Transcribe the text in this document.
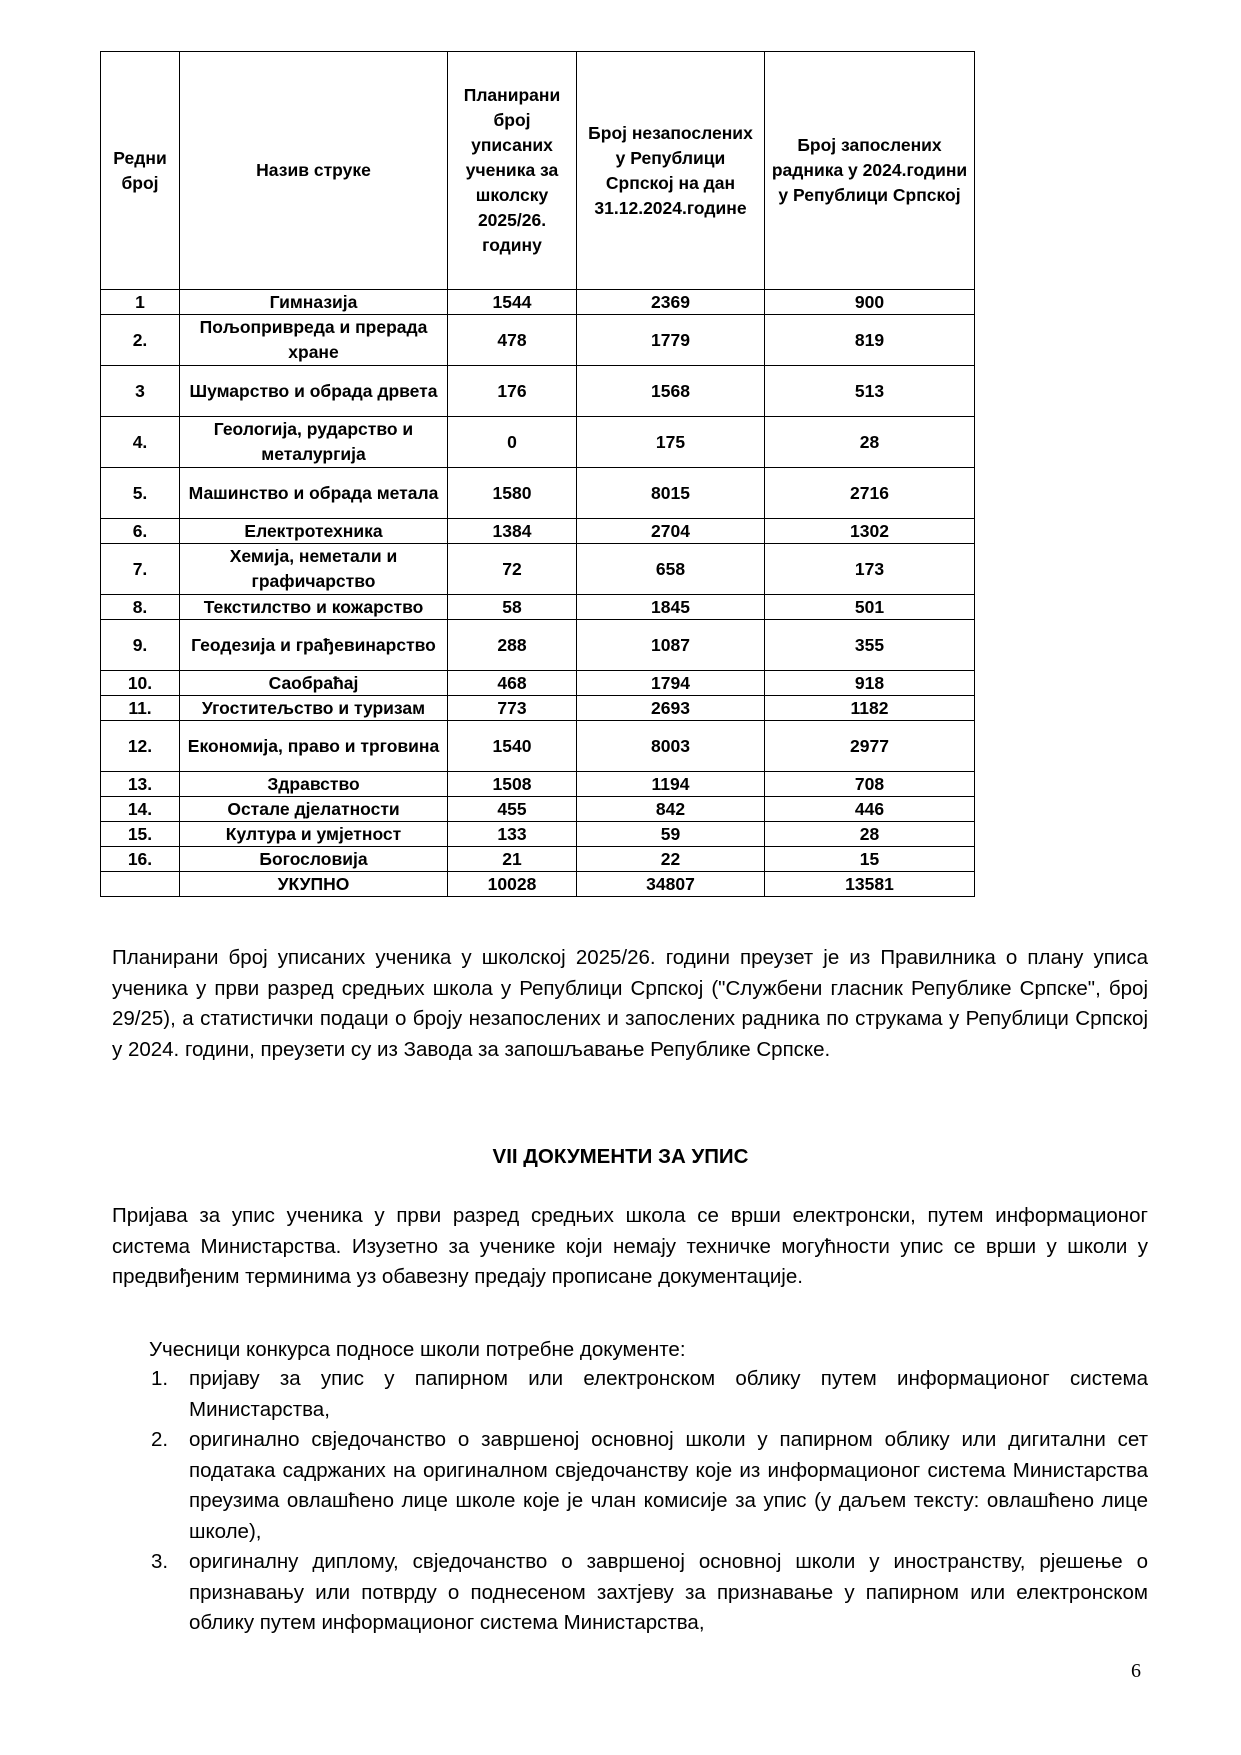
Редни број	Назив струке	Планирани број уписаних ученика за школску 2025/26. годину	Број незапослених у Републици Српској на дан 31.12.2024.године	Број запослених радника у 2024.години у Републици Српској
1	Гимназија	1544	2369	900
2.	Пољопривреда и прерада хране	478	1779	819
3	Шумарство и обрада дрвета	176	1568	513
4.	Геологија, рударство и металургија	0	175	28
5.	Машинство и обрада метала	1580	8015	2716
6.	Електротехника	1384	2704	1302
7.	Хемија, неметали и графичарство	72	658	173
8.	Текстилство и кожарство	58	1845	501
9.	Геодезија и грађевинарство	288	1087	355
10.	Саобраћај	468	1794	918
11.	Угоститељство и туризам	773	2693	1182
12.	Економија, право и трговина	1540	8003	2977
13.	Здравство	1508	1194	708
14.	Остале дјелатности	455	842	446
15.	Култура и умјетност	133	59	28
16.	Богословија	21	22	15
	УКУПНО	10028	34807	13581
Планирани број уписаних ученика у школској 2025/26. години преузет је из Правилника о плану уписа ученика у први разред средњих школа у Републици Српској ("Службени гласник Републике Српске", број 29/25), а статистички подаци о броју незапослених и запослених радника по струкама у Републици Српској у 2024. години, преузети су из Завода за запошљавање Републике Српске.
VII ДОКУМЕНТИ ЗА УПИС
Пријава за упис ученика у први разред средњих школа се врши електронски, путем информационог система Министарства. Изузетно за ученике који немају техничке могућности упис се врши у школи у предвиђеним терминима уз обавезну предају прописане документације.
Учесници конкурса подносе школи потребне документе:
1. пријаву за упис у папирном или електронском облику путем информационог система Министарства,
2. оригинално свједочанство о завршеној основној школи у папирном облику или дигитални сет података садржаних на оригиналном свједочанству које из информационог система Министарства преузима овлашћено лице школе које је члан комисије за упис (у даљем тексту: овлашћено лице школе),
3. оригиналну диплому, свједочанство о завршеној основној школи у иностранству, рјешење о признавању или потврду о поднесеном захтјеву за признавање у папирном или електронском облику путем информационог система Министарства,
6
